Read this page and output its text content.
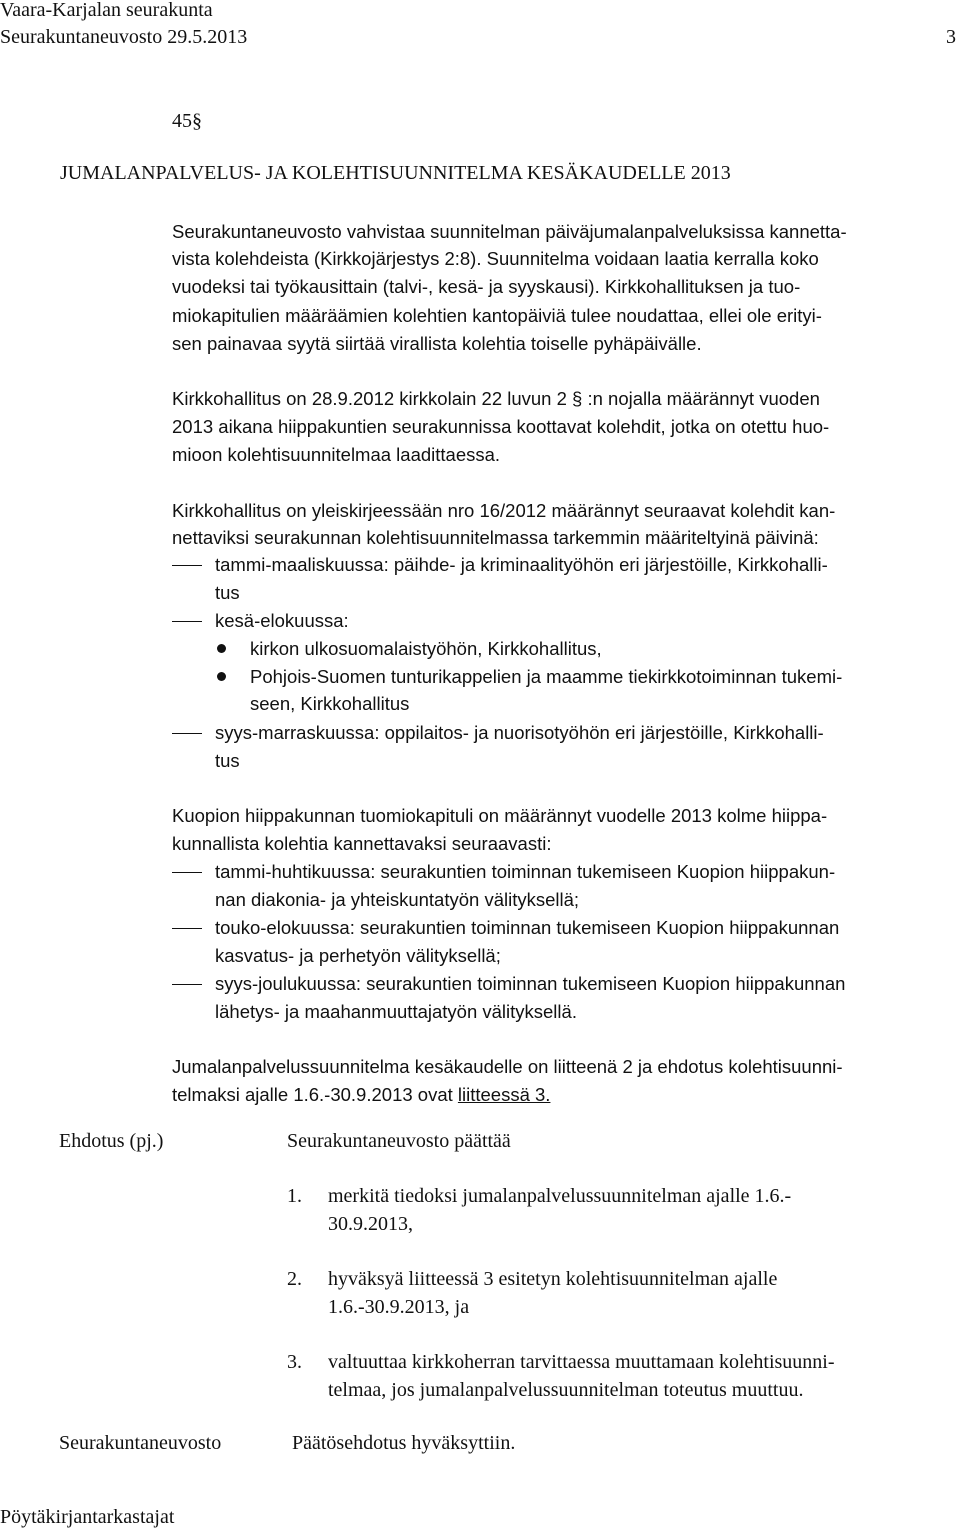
Vaara-Karjalan seurakunta
Seurakuntaneuvosto 29.5.2013	3
45§
JUMALANPALVELUS- JA KOLEHTISUUNNITELMA KESÄKAUDELLE 2013

Seurakuntaneuvosto vahvistaa suunnitelman päiväjumalanpalveluksissa kannetta-

vista kolehdeista (Kirkkojärjestys 2:8). Suunnitelma voidaan laatia kerralla koko

vuodeksi tai työkausittain (talvi-, kesä- ja syyskausi). Kirkkohallituksen ja tuo-

miokapitulien määräämien kolehtien kantopäiviä tulee noudattaa, ellei ole erityi-

sen painavaa syytä siirtää virallista kolehtia toiselle pyhäpäivälle.

Kirkkohallitus on 28.9.2012 kirkkolain 22 luvun 2 § :n nojalla määrännyt vuoden

2013 aikana hiippakuntien seurakunnissa koottavat kolehdit, jotka on otettu huo-

mioon kolehtisuunnitelmaa laadittaessa.

Kirkkohallitus on yleiskirjeessään nro 16/2012 määrännyt seuraavat kolehdit kan-

nettaviksi seurakunnan kolehtisuunnitelmassa tarkemmin määriteltyinä päivinä:

tammi-maaliskuussa: päihde- ja kriminaalityöhön eri järjestöille, Kirkkohalli-

tus

kesä-elokuussa:

kirkon ulkosuomalaistyöhön, Kirkkohallitus,

Pohjois-Suomen tunturikappelien ja maamme tiekirkkotoiminnan tukemi-

seen, Kirkkohallitus

syys-marraskuussa: oppilaitos- ja nuorisotyöhön eri järjestöille, Kirkkohalli-

tus

Kuopion hiippakunnan tuomiokapituli on määrännyt vuodelle 2013 kolme hiippa-

kunnallista kolehtia kannettavaksi seuraavasti:

tammi-huhtikuussa: seurakuntien toiminnan tukemiseen Kuopion hiippakun-

nan diakonia- ja yhteiskuntatyön välityksellä;

touko-elokuussa: seurakuntien toiminnan tukemiseen Kuopion hiippakunnan

kasvatus- ja perhetyön välityksellä;

syys-joulukuussa: seurakuntien toiminnan tukemiseen Kuopion hiippakunnan

lähetys- ja maahanmuuttajatyön välityksellä.

Jumalanpalvelussuunnitelma kesäkaudelle on liitteenä 2 ja ehdotus kolehtisuunni-

telmaksi ajalle 1.6.-30.9.2013 ovat liitteessä 3.

Ehdotus (pj.)	Seurakuntaneuvosto päättää

1. merkitä tiedoksi jumalanpalvelussuunnitelman ajalle 1.6.-

30.9.2013,

2. hyväksyä liitteessä 3 esitetyn kolehtisuunnitelman ajalle

1.6.-30.9.2013, ja

3. valtuuttaa kirkkoherran tarvittaessa muuttamaan kolehtisuunni-

telmaa, jos jumalanpalvelussuunnitelman toteutus muuttuu.

Seurakuntaneuvosto	Päätösehdotus hyväksyttiin.
Pöytäkirjantarkastajat
